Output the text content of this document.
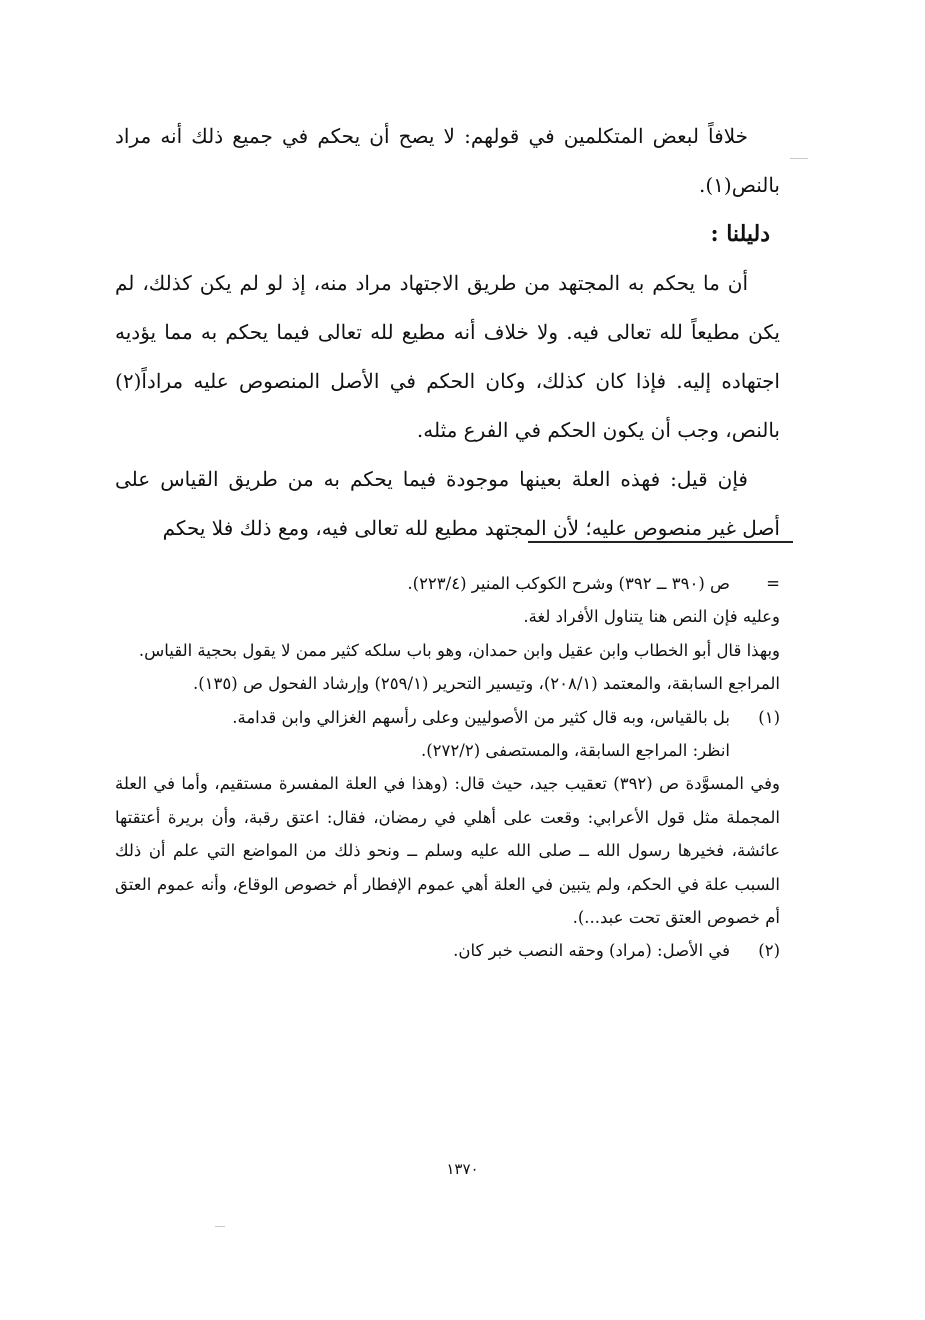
خلافاً لبعض المتكلمين في قولهم: لا يصح أن يحكم في جميع ذلك أنه مراد بالنص(١).

دليلنا :

أن ما يحكم به المجتهد من طريق الاجتهاد مراد منه، إذ لو لم يكن كذلك، لم يكن مطيعاً لله تعالى فيه. ولا خلاف أنه مطيع لله تعالى فيما يحكم به مما يؤديه اجتهاده إليه. فإذا كان كذلك، وكان الحكم في الأصل المنصوص عليه مراداً(٢) بالنص، وجب أن يكون الحكم في الفرع مثله.

فإن قيل: فهذه العلة بعينها موجودة فيما يحكم به من طريق القياس على أصل غير منصوص عليه؛ لأن المجتهد مطيع لله تعالى فيه، ومع ذلك فلا يحكم

=

ص (٣٩٠ ــ ٣٩٢) وشرح الكوكب المنير (٢٢٣/٤).

وعليه فإن النص هنا يتناول الأفراد لغة.

وبهذا قال أبو الخطاب وابن عقيل وابن حمدان، وهو باب سلكه كثير ممن لا يقول بحجية القياس.

المراجع السابقة، والمعتمد (٢٠٨/١)، وتيسير التحرير (٢٥٩/١) وإرشاد الفحول ص (١٣٥).

(١)

بل بالقياس، وبه قال كثير من الأصوليين وعلى رأسهم الغزالي وابن قدامة.

انظر: المراجع السابقة، والمستصفى (٢٧٢/٢).

وفي المسوَّدة ص (٣٩٢) تعقيب جيد، حيث قال: (وهذا في العلة المفسرة مستقيم، وأما في العلة المجملة مثل قول الأعرابي: وقعت على أهلي في رمضان، فقال: اعتق رقبة، وأن بريرة أعتقتها عائشة، فخيرها رسول الله ــ صلى الله عليه وسلم ــ ونحو ذلك من المواضع التي علم أن ذلك السبب علة في الحكم، ولم يتبين في العلة أهي عموم الإفطار أم خصوص الوقاع، وأنه عموم العتق أم خصوص العتق تحت عبد...).

(٢)

في الأصل: (مراد) وحقه النصب خبر كان.

١٣٧٠
